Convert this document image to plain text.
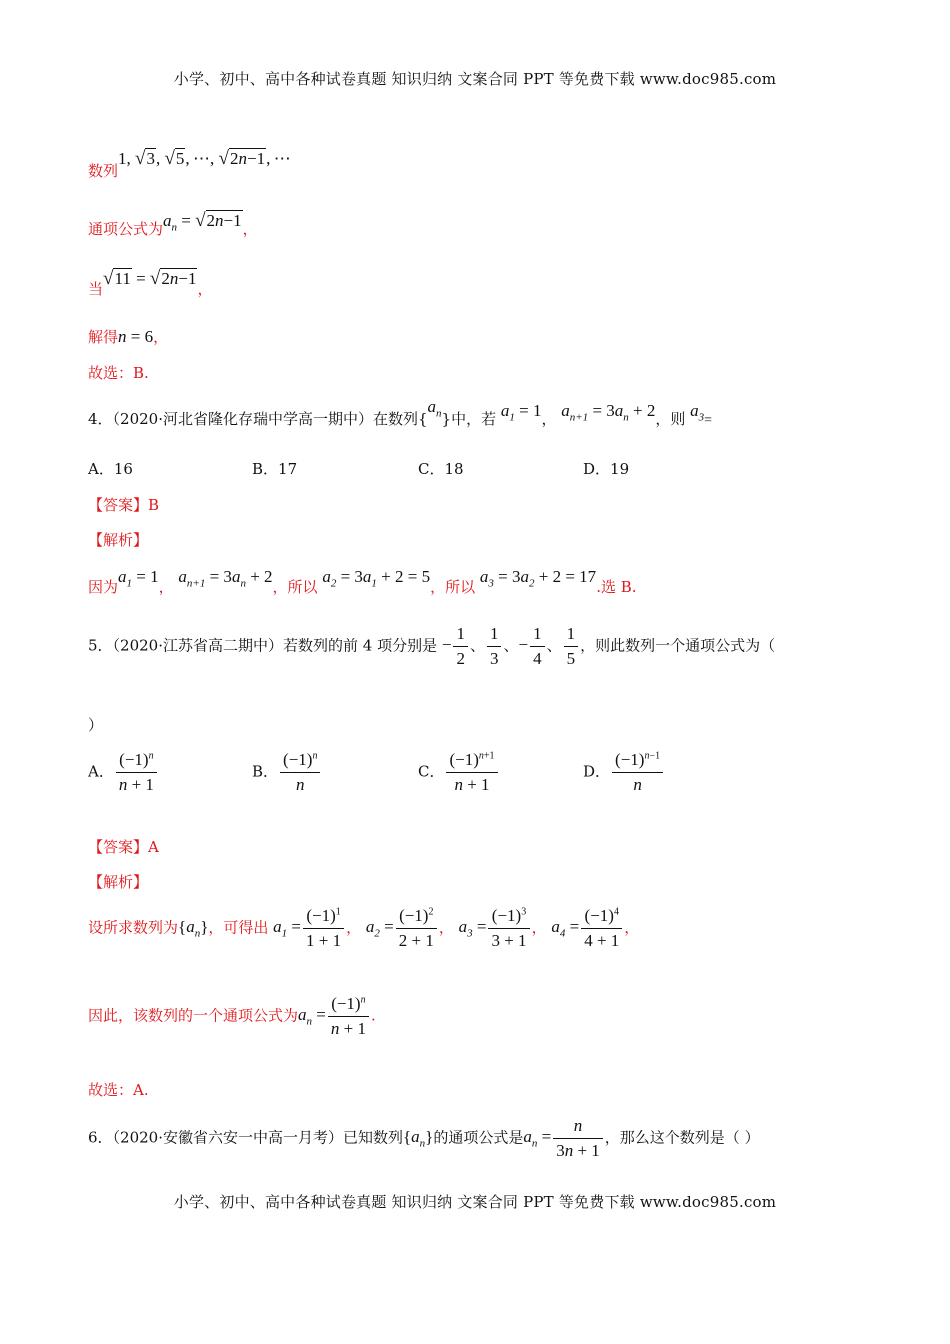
小学、初中、高中各种试卷真题 知识归纳 文案合同 PPT 等免费下载 www.doc985.com
数列1, √3, √5, ⋯, √2n−1, ⋯
通项公式为$a_n = √2n-1$，
当√11 = √2n−1，
解得n = 6，
故选：B.
4．（2020·河北省隆化存瑞中学高一期中）在数列$\{a_n\}$中，若 $a_1 = 1$， $a_{n+1} = 3a_n + 2$，则 $a_3=$
A．16	B．17	C．18	D．19
【答案】B
【解析】
因为$a_1 = 1$， $a_{n+1} = 3a_n + 2$，所以 $a_2 = 3a_1 + 2 = 5$，所以 $a_3 = 3a_2 + 2 = 17$.选 B.
5．（2020·江苏省高二期中）若数列的前 4 项分别是 − $\frac{1}{2}$ 、 $\frac{1}{3}$ 、− $\frac{1}{4}$ 、 $\frac{1}{5}$ ，则此数列一个通项公式为（
）
A． $\frac{(-1)^n}{n + 1}$	B． $\frac{(-1)^n}{n}$	C． $\frac{(-1)^{n+1}}{n + 1}$	D． $\frac{(-1)^{n-1}}{n}$
【答案】A
【解析】
设所求数列为$\{a_n\}$，可得出 $a_1 = \frac{(-1)^1}{1 + 1}$ ， $a_2 = \frac{(-1)^2}{2 + 1}$ ， $a_3 = \frac{(-1)^3}{3 + 1}$ ， $a_4 = \frac{(-1)^4}{4 + 1}$ ，
因此，该数列的一个通项公式为$a_n = \frac{(-1)^n}{n + 1}$ .
故选：A.
6．（2020·安徽省六安一中高一月考）已知数列$\{a_n\}$的通项公式是$a_n = \frac{n}{3n + 1}$ ，那么这个数列是（ ）
小学、初中、高中各种试卷真题 知识归纳 文案合同 PPT 等免费下载 www.doc985.com
